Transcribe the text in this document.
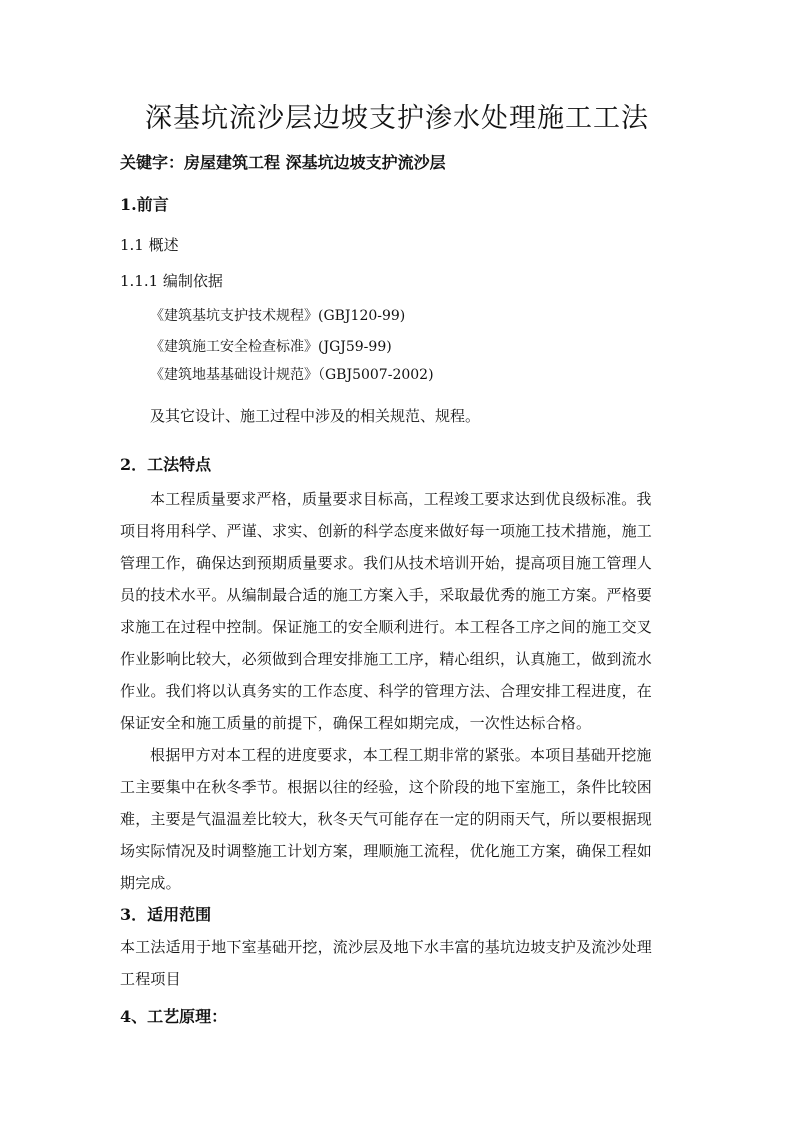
深基坑流沙层边坡支护渗水处理施工工法
关键字：房屋建筑工程 深基坑边坡支护流沙层
1.前言
1.1 概述
1.1.1 编制依据
《建筑基坑支护技术规程》(GBJ120-99)
《建筑施工安全检查标准》(JGJ59-99)
《建筑地基基础设计规范》（GBJ5007-2002)
及其它设计、施工过程中涉及的相关规范、规程。
2．工法特点
本工程质量要求严格，质量要求目标高，工程竣工要求达到优良级标准。我
项目将用科学、严谨、求实、创新的科学态度来做好每一项施工技术措施，施工
管理工作，确保达到预期质量要求。我们从技术培训开始，提高项目施工管理人
员的技术水平。从编制最合适的施工方案入手，采取最优秀的施工方案。严格要
求施工在过程中控制。保证施工的安全顺利进行。本工程各工序之间的施工交叉
作业影响比较大，必须做到合理安排施工工序，精心组织，认真施工，做到流水
作业。我们将以认真务实的工作态度、科学的管理方法、合理安排工程进度，在
保证安全和施工质量的前提下，确保工程如期完成，一次性达标合格。
根据甲方对本工程的进度要求，本工程工期非常的紧张。本项目基础开挖施
工主要集中在秋冬季节。根据以往的经验，这个阶段的地下室施工，条件比较困
难，主要是气温温差比较大，秋冬天气可能存在一定的阴雨天气，所以要根据现
场实际情况及时调整施工计划方案，理顺施工流程，优化施工方案，确保工程如
期完成。
3．适用范围
本工法适用于地下室基础开挖，流沙层及地下水丰富的基坑边坡支护及流沙处理
工程项目
4、工艺原理：
